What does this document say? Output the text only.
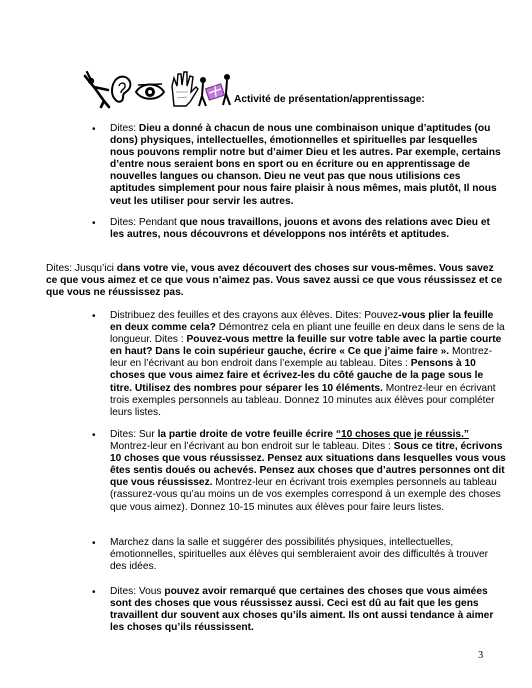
Activité de présentation/apprentissage:
• Dites: Dieu a donné à chacun de nous une combinaison unique d’aptitudes (ou dons) physiques, intellectuelles, émotionnelles et spirituelles par lesquelles nous pouvons remplir notre but d’aimer Dieu et les autres. Par exemple, certains d’entre nous seraient bons en sport ou en écriture ou en apprentissage de nouvelles langues ou chanson. Dieu ne veut pas que nous utilisions ces aptitudes simplement pour nous faire plaisir à nous mêmes, mais plutôt, Il nous veut les utiliser pour servir les autres.
• Dites: Pendant que nous travaillons, jouons et avons des relations avec Dieu et les autres, nous découvrons et développons nos intérêts et aptitudes.
Dites: Jusqu’ici dans votre vie, vous avez découvert des choses sur vous-mêmes. Vous savez ce que vous aimez et ce que vous n’aimez pas. Vous savez aussi ce que vous réussissez et ce que vous ne réussissez pas.
• Distribuez des feuilles et des crayons aux élèves. Dites: Pouvez-vous plier la feuille en deux comme cela? Démontrez cela en pliant une feuille en deux dans le sens de la longueur. Dites : Pouvez-vous mettre la feuille sur votre table avec la partie courte en haut? Dans le coin supérieur gauche, écrire « Ce que j’aime faire ». Montrez-leur en l’écrivant au bon endroit dans l’exemple au tableau. Dites : Pensons à 10 choses que vous aimez faire et écrivez-les du côté gauche de la page sous le titre. Utilisez des nombres pour séparer les 10 éléments. Montrez-leur en écrivant trois exemples personnels au tableau. Donnez 10 minutes aux élèves pour compléter leurs listes.
• Dites: Sur la partie droite de votre feuille écrire “10 choses que je réussis.” Montrez-leur en l’écrivant au bon endroit sur le tableau. Dites : Sous ce titre, écrivons 10 choses que vous réussissez. Pensez aux situations dans lesquelles vous vous êtes sentis doués ou achevés. Pensez aux choses que d’autres personnes ont dit que vous réussissez. Montrez-leur en écrivant trois exemples personnels au tableau (rassurez-vous qu’au moins un de vos exemples correspond à un exemple des choses que vous aimez). Donnez 10-15 minutes aux élèves pour faire leurs listes.
• Marchez dans la salle et suggérer des possibilités physiques, intellectuelles, émotionnelles, spirituelles aux élèves qui sembleraient avoir des difficultés à trouver des idées.
• Dites: Vous pouvez avoir remarqué que certaines des choses que vous aimées sont des choses que vous réussissez aussi. Ceci est dû au fait que les gens travaillent dur souvent aux choses qu’ils aiment. Ils ont aussi tendance à aimer les choses qu’ils réussissent.
3
